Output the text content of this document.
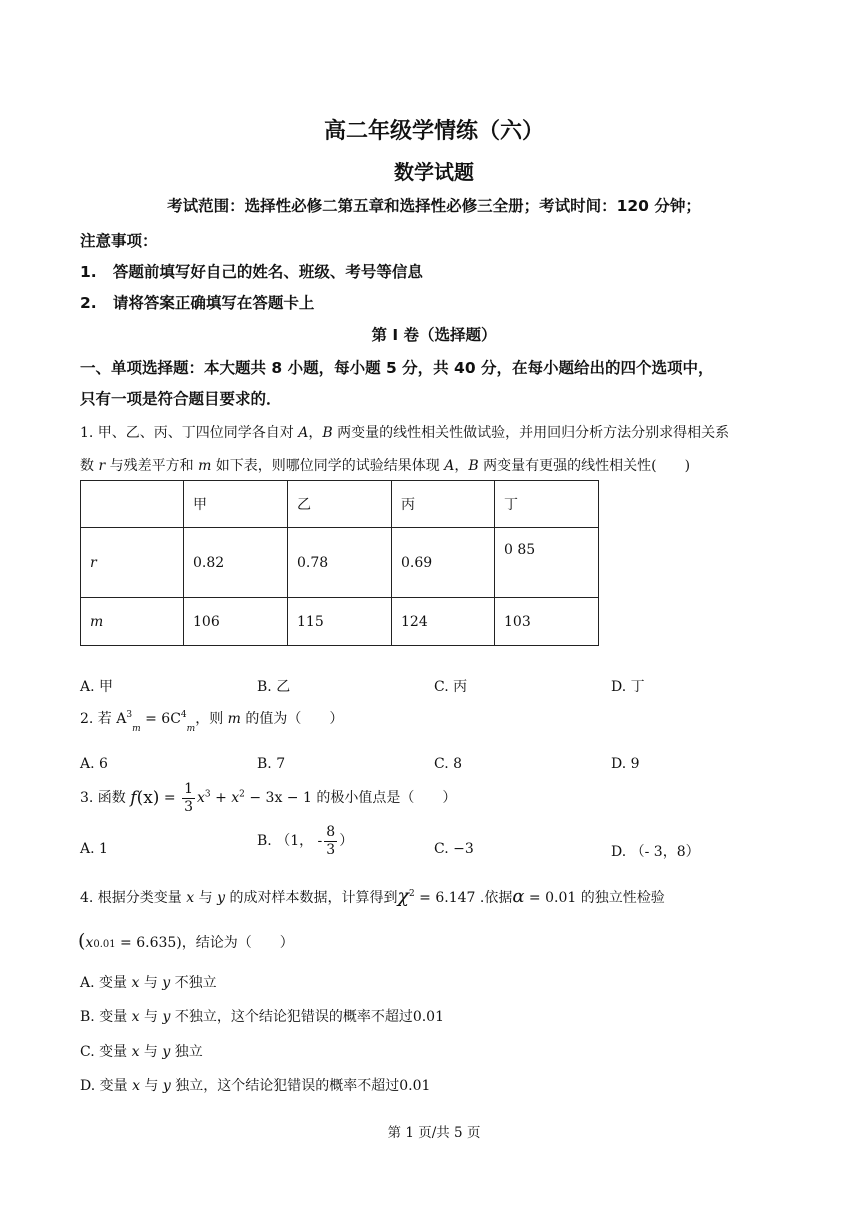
高二年级学情练（六）
数学试题
考试范围：选择性必修二第五章和选择性必修三全册；考试时间：120 分钟；
注意事项：
1. 答题前填写好自己的姓名、班级、考号等信息
2. 请将答案正确填写在答题卡上
第 I 卷（选择题）
一、单项选择题：本大题共 8 小题，每小题 5 分，共 40 分，在每小题给出的四个选项中，
只有一项是符合题目要求的．
1. 甲、乙、丙、丁四位同学各自对 A，B 两变量的线性相关性做试验，并用回归分析方法分别求得相关系
数 r 与残差平方和 m 如下表，则哪位同学的试验结果体现 A，B 两变量有更强的线性相关性(　　)
	甲	乙	丙	丁
r	0.82	0.78	0.69	0 85
m	106	115	124	103
A. 甲	B. 乙	C. 丙	D. 丁
2. 若 $A^3_m = 6C^4_m$，则 m 的值为（　　）
A. 6	B. 7	C. 8	D. 9
3. 函数 $f(x) = \frac{1}{3} x^3 + x^2 - 3x - 1$ 的极小值点是（　　）
A. 1	B. （1， - $\frac{8}{3}$ ）	C. −3	D. （- 3，8）
4. 根据分类变量 x 与 y 的成对样本数据，计算得到$\chi^2 = 6.147$ .依据α = 0.01 的独立性检验
(x0.01 = 6.635)，结论为（　　）
A. 变量 x 与 y 不独立
B. 变量 x 与 y 不独立，这个结论犯错误的概率不超过0.01
C. 变量 x 与 y 独立
D. 变量 x 与 y 独立，这个结论犯错误的概率不超过0.01
第 1 页/共 5 页
